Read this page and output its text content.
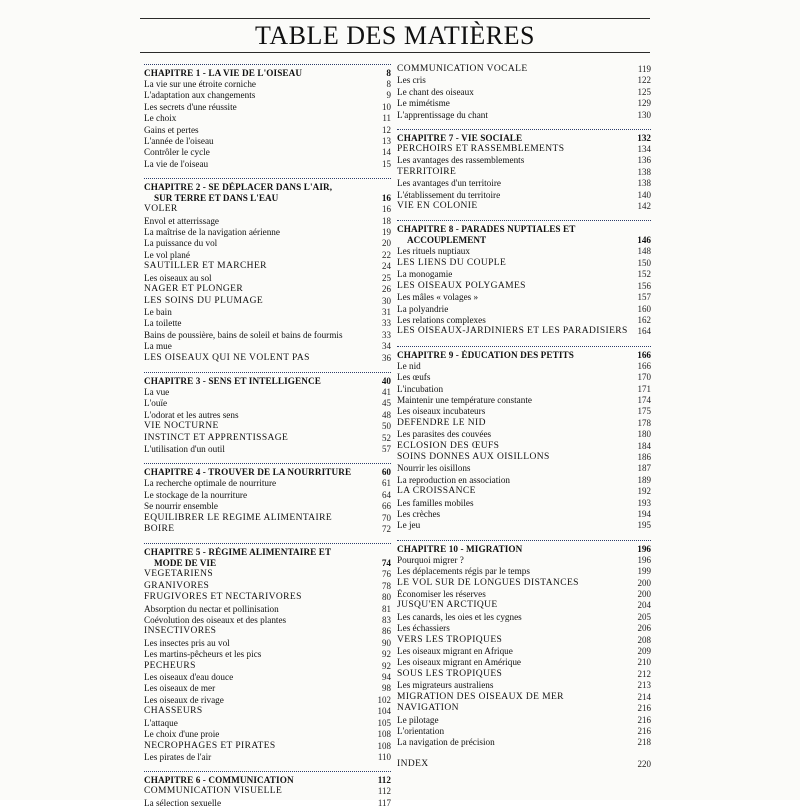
TABLE DES MATIÈRES
CHAPITRE 1 - LA VIE DE L'OISEAU	8
La vie sur une étroite corniche	8
L'adaptation aux changements	9
Les secrets d'une réussite	10
Le choix	11
Gains et pertes	12
L'année de l'oiseau	13
Contrôler le cycle	14
La vie de l'oiseau	15
CHAPITRE 2 - SE DÉPLACER DANS L'AIR,
SUR TERRE ET DANS L'EAU	16
VOLER	16
Envol et atterrissage	18
La maîtrise de la navigation aérienne	19
La puissance du vol	20
Le vol plané	22
SAUTILLER ET MARCHER	24
Les oiseaux au sol	25
NAGER ET PLONGER	26
LES SOINS DU PLUMAGE	30
Le bain	31
La toilette	33
Bains de poussière, bains de soleil et bains de fourmis	33
La mue	34
LES OISEAUX QUI NE VOLENT PAS	36
CHAPITRE 3 - SENS ET INTELLIGENCE	40
La vue	41
L'ouïe	45
L'odorat et les autres sens	48
VIE NOCTURNE	50
INSTINCT ET APPRENTISSAGE	52
L'utilisation d'un outil	57
CHAPITRE 4 - TROUVER DE LA NOURRITURE	60
La recherche optimale de nourriture	61
Le stockage de la nourriture	64
Se nourrir ensemble	66
ÉQUILIBRER LE RÉGIME ALIMENTAIRE	70
BOIRE	72
CHAPITRE 5 - RÉGIME ALIMENTAIRE ET
MODE DE VIE	74
VÉGÉTARIENS	76
GRANIVORES	78
FRUGIVORES ET NECTARIVORES	80
Absorption du nectar et pollinisation	81
Coévolution des oiseaux et des plantes	83
INSECTIVORES	86
Les insectes pris au vol	90
Les martins-pêcheurs et les pics	92
PÊCHEURS	92
Les oiseaux d'eau douce	94
Les oiseaux de mer	98
Les oiseaux de rivage	102
CHASSEURS	104
L'attaque	105
Le choix d'une proie	108
NÉCROPHAGES ET PIRATES	108
Les pirates de l'air	110
CHAPITRE 6 - COMMUNICATION	112
COMMUNICATION VISUELLE	112
La sélection sexuelle	117
COMMUNICATION VOCALE	119
Les cris	122
Le chant des oiseaux	125
Le mimétisme	129
L'apprentissage du chant	130
CHAPITRE 7 - VIE SOCIALE	132
PERCHOIRS ET RASSEMBLEMENTS	134
Les avantages des rassemblements	136
TERRITOIRE	138
Les avantages d'un territoire	138
L'établissement du territoire	140
VIE EN COLONIE	142
CHAPITRE 8 - PARADES NUPTIALES ET
ACCOUPLEMENT	146
Les rituels nuptiaux	148
LES LIENS DU COUPLE	150
La monogamie	152
LES OISEAUX POLYGAMES	156
Les mâles « volages »	157
La polyandrie	160
Les relations complexes	162
LES OISEAUX-JARDINIERS ET LES PARADISIERS	164
CHAPITRE 9 - ÉDUCATION DES PETITS	166
Le nid	166
Les œufs	170
L'incubation	171
Maintenir une température constante	174
Les oiseaux incubateurs	175
DÉFENDRE LE NID	178
Les parasites des couvées	180
ÉCLOSION DES ŒUFS	184
SOINS DONNÉS AUX OISILLONS	186
Nourrir les oisillons	187
La reproduction en association	189
LA CROISSANCE	192
Les familles mobiles	193
Les crèches	194
Le jeu	195
CHAPITRE 10 - MIGRATION	196
Pourquoi migrer ?	196
Les déplacements régis par le temps	199
LE VOL SUR DE LONGUES DISTANCES	200
Économiser les réserves	200
JUSQU'EN ARCTIQUE	204
Les canards, les oies et les cygnes	205
Les échassiers	206
VERS LES TROPIQUES	208
Les oiseaux migrant en Afrique	209
Les oiseaux migrant en Amérique	210
SOUS LES TROPIQUES	212
Les migrateurs australiens	213
MIGRATION DES OISEAUX DE MER	214
NAVIGATION	216
Le pilotage	216
L'orientation	216
La navigation de précision	218
INDEX	220
